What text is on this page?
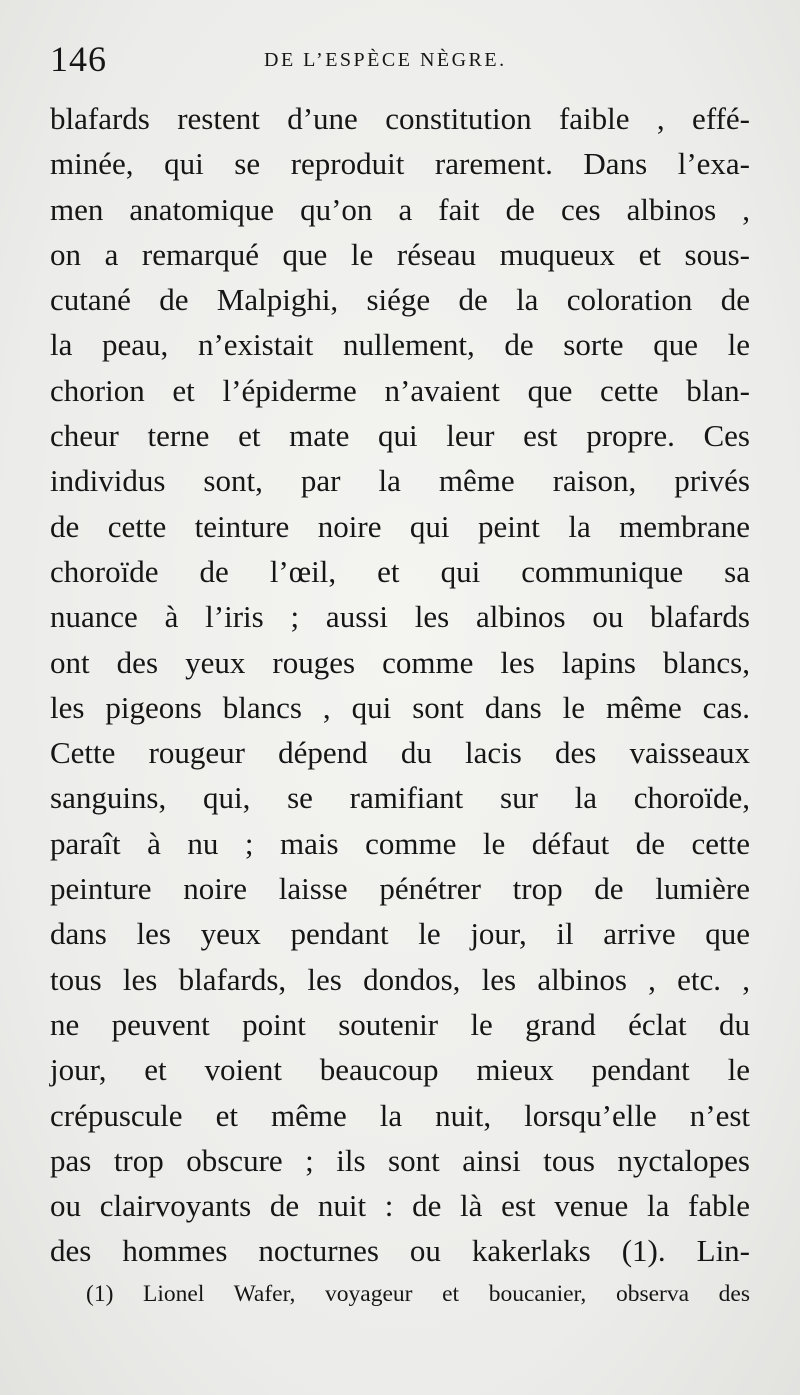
146	DE L’ESPÈCE NÈGRE.
blafards restent d’une constitution faible , effé-
minée, qui se reproduit rarement. Dans l’exa-
men anatomique qu’on a fait de ces albinos ,
on a remarqué que le réseau muqueux et sous-
cutané de Malpighi, siége de la coloration de
la peau, n’existait nullement, de sorte que le
chorion et l’épiderme n’avaient que cette blan-
cheur terne et mate qui leur est propre. Ces
individus sont, par la même raison, privés
de cette teinture noire qui peint la membrane
choroïde de l’œil, et qui communique sa
nuance à l’iris ; aussi les albinos ou blafards
ont des yeux rouges comme les lapins blancs,
les pigeons blancs , qui sont dans le même cas.
Cette rougeur dépend du lacis des vaisseaux
sanguins, qui, se ramifiant sur la choroïde,
paraît à nu ; mais comme le défaut de cette
peinture noire laisse pénétrer trop de lumière
dans les yeux pendant le jour, il arrive que
tous les blafards, les dondos, les albinos , etc. ,
ne peuvent point soutenir le grand éclat du
jour, et voient beaucoup mieux pendant le
crépuscule et même la nuit, lorsqu’elle n’est
pas trop obscure ; ils sont ainsi tous nyctalopes
ou clairvoyants de nuit : de là est venue la fable
des hommes nocturnes ou kakerlaks (1). Lin-
(1) Lionel Wafer, voyageur et boucanier, observa des
